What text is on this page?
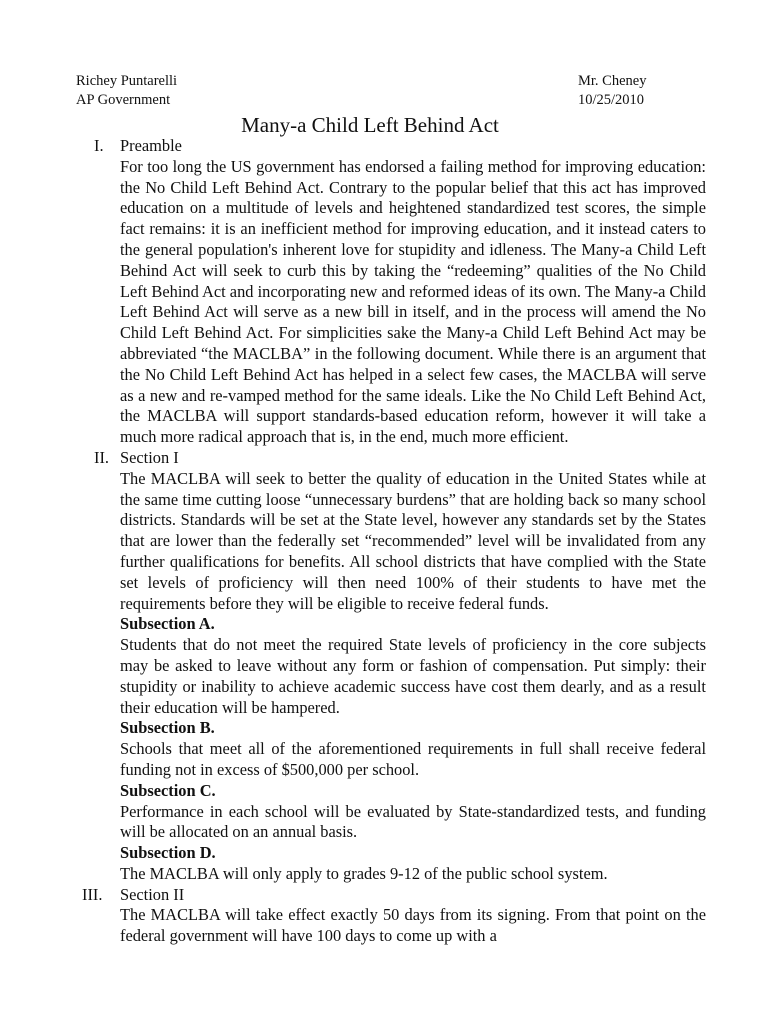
Richey Puntarelli
AP Government
Mr. Cheney
10/25/2010
Many-a Child Left Behind Act
I.	Preamble

For too long the US government has endorsed a failing method for improving education: the No Child Left Behind Act. Contrary to the popular belief that this act has improved education on a multitude of levels and heightened standardized test scores, the simple fact remains: it is an inefficient method for improving education, and it instead caters to the general population's inherent love for stupidity and idleness. The Many-a Child Left Behind Act will seek to curb this by taking the “redeeming” qualities of the No Child Left Behind Act and incorporating new and reformed ideas of its own. The Many-a Child Left Behind Act will serve as a new bill in itself, and in the process will amend the No Child Left Behind Act. For simplicities sake the Many-a Child Left Behind Act may be abbreviated “the MACLBA” in the following document. While there is an argument that the No Child Left Behind Act has helped in a select few cases, the MACLBA will serve as a new and re-vamped method for the same ideals. Like the No Child Left Behind Act, the MACLBA will support standards-based education reform, however it will take a much more radical approach that is, in the end, much more efficient.

II. Section I

The MACLBA will seek to better the quality of education in the United States while at the same time cutting loose “unnecessary burdens” that are holding back so many school districts. Standards will be set at the State level, however any standards set by the States that are lower than the federally set “recommended” level will be invalidated from any further qualifications for benefits. All school districts that have complied with the State set levels of proficiency will then need 100% of their students to have met the requirements before they will be eligible to receive federal funds.

Subsection A.

Students that do not meet the required State levels of proficiency in the core subjects may be asked to leave without any form or fashion of compensation. Put simply: their stupidity or inability to achieve academic success have cost them dearly, and as a result their education will be hampered.

Subsection B.

Schools that meet all of the aforementioned requirements in full shall receive federal funding not in excess of $500,000 per school.

Subsection C.

Performance in each school will be evaluated by State-standardized tests, and funding will be allocated on an annual basis.

Subsection D.

The MACLBA will only apply to grades 9-12 of the public school system.

III.	Section II

The MACLBA will take effect exactly 50 days from its signing. From that point on the federal government will have 100 days to come up with a
